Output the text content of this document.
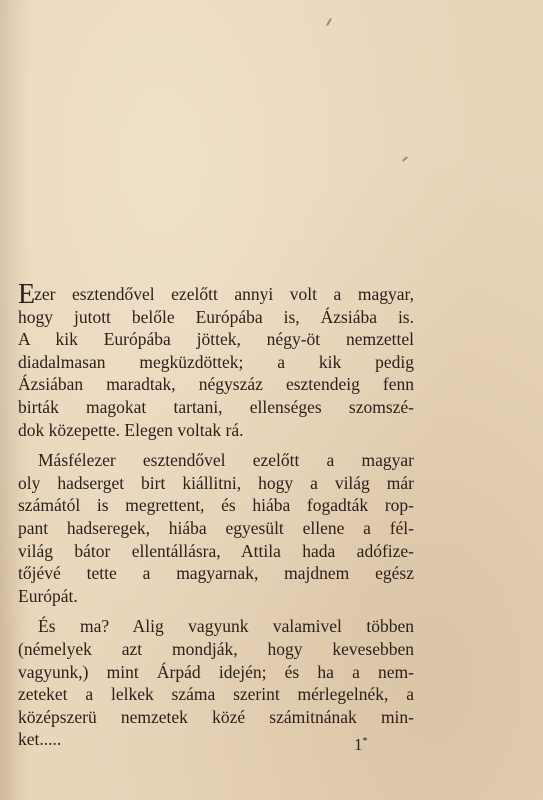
Ezer esztendővel ezelőtt annyi volt a magyar,
hogy jutott belőle Európába is, Ázsiába is.
A kik Európába jöttek, négy-öt nemzettel
diadalmasan megküzdöttek; a kik pedig
Ázsiában maradtak, négyszáz esztendeig fenn
birták magokat tartani, ellenséges szomszé-
dok közepette. Elegen voltak rá.

Másfélezer esztendővel ezelőtt a magyar
oly hadserget birt kiállitni, hogy a világ már
számától is megrettent, és hiába fogadták rop-
pant hadseregek, hiába egyesült ellene a fél-
világ bátor ellentállásra, Attila hada adófize-
tőjévé tette a magyarnak, majdnem egész
Európát.

És ma? Alig vagyunk valamivel többen
(némelyek azt mondják, hogy kevesebben
vagyunk,) mint Árpád idején; és ha a nem-
zeteket a lelkek száma szerint mérlegelnék, a
középszerü nemzetek közé számitnának min-
ket.....	1*
